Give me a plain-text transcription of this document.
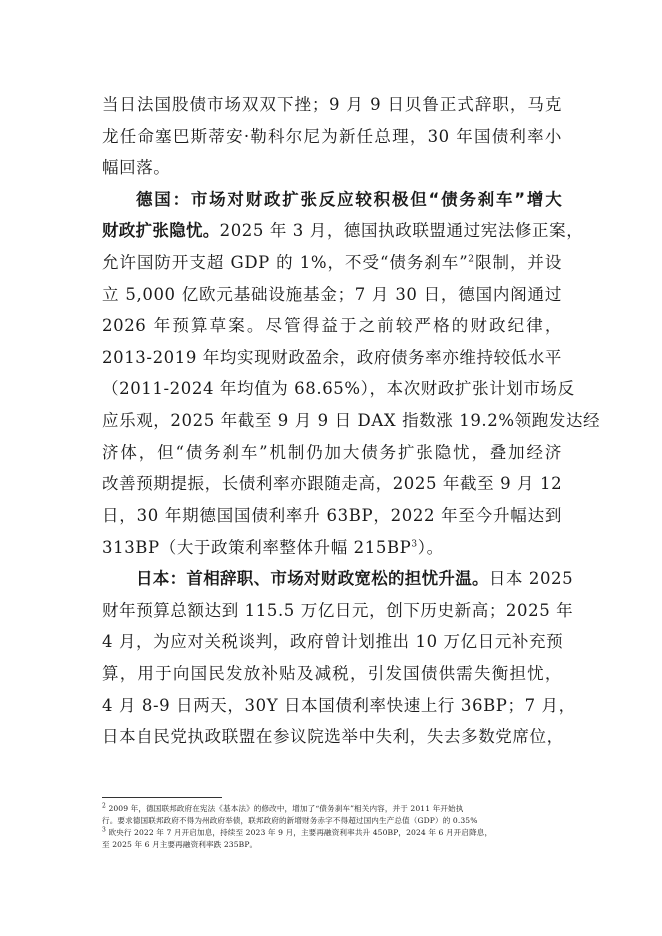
当日法国股债市场双双下挫；9 月 9 日贝鲁正式辞职，马克
龙任命塞巴斯蒂安·勒科尔尼为新任总理，30 年国债利率小
幅回落。
德国：市场对财政扩张反应较积极但“债务刹车”增大
财政扩张隐忧。2025 年 3 月，德国执政联盟通过宪法修正案，
允许国防开支超 GDP 的 1%，不受“债务刹车”$^2$限制，并设
立 5,000 亿欧元基础设施基金；7 月 30 日，德国内阁通过
2026 年预算草案。尽管得益于之前较严格的财政纪律，
2013-2019 年均实现财政盈余，政府债务率亦维持较低水平
（2011-2024 年均值为 68.65%），本次财政扩张计划市场反
应乐观，2025 年截至 9 月 9 日 DAX 指数涨 19.2%领跑发达经
济体，但“债务刹车”机制仍加大债务扩张隐忧，叠加经济
改善预期提振，长债利率亦跟随走高，2025 年截至 9 月 12
日，30 年期德国国债利率升 63BP，2022 年至今升幅达到
313BP（大于政策利率整体升幅 $215BP^3$）。
日本：首相辞职、市场对财政宽松的担忧升温。日本 2025
财年预算总额达到 115.5 万亿日元，创下历史新高；2025 年
4 月，为应对关税谈判，政府曾计划推出 10 万亿日元补充预
算，用于向国民发放补贴及减税，引发国债供需失衡担忧，
4 月 8-9 日两天，30Y 日本国债利率快速上行 36BP；7 月，
日本自民党执政联盟在参议院选举中失利，失去多数党席位，
$^2$ 2009 年，德国联邦政府在宪法《基本法》的修改中，增加了“债务刹车”相关内容，并于 2011 年开始执
行。要求德国联邦政府不得为州政府举债，联邦政府的新增财务赤字不得超过国内生产总值（GDP）的 0.35%
$^3$ 欧央行 2022 年 7 月开启加息，持续至 2023 年 9 月，主要再融资利率共升 450BP，2024 年 6 月开启降息，
至 2025 年 6 月主要再融资利率跌 235BP。
